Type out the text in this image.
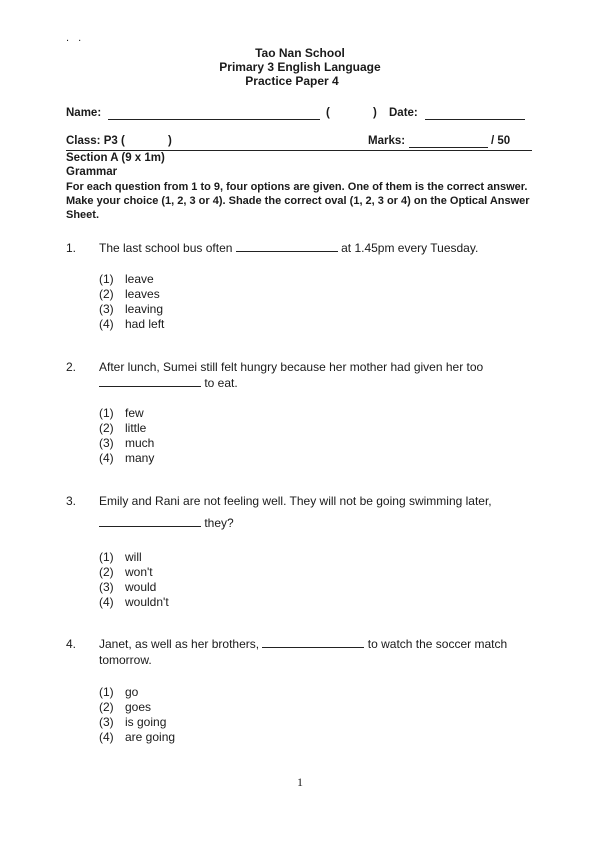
. .
Tao Nan School
Primary 3 English Language
Practice Paper 4
Name:	(	) Date:
Class: P3 (	)	Marks:	/ 50
Section A (9 x 1m)
Grammar
For each question from 1 to 9, four options are given. One of them is the correct answer. Make your choice (1, 2, 3 or 4). Shade the correct oval (1, 2, 3 or 4) on the Optical Answer Sheet.
1. The last school bus often	at 1.45pm every Tuesday.
(1) leave
(2) leaves
(3) leaving
(4) had left
2. After lunch, Sumei still felt hungry because her mother had given her too
to eat.
(1) few
(2) little
(3) much
(4) many
3. Emily and Rani are not feeling well. They will not be going swimming later,
they?
(1) will
(2) won't
(3) would
(4) wouldn't
4. Janet, as well as her brothers,	to watch the soccer match
tomorrow.
(1) go
(2) goes
(3) is going
(4) are going
1
